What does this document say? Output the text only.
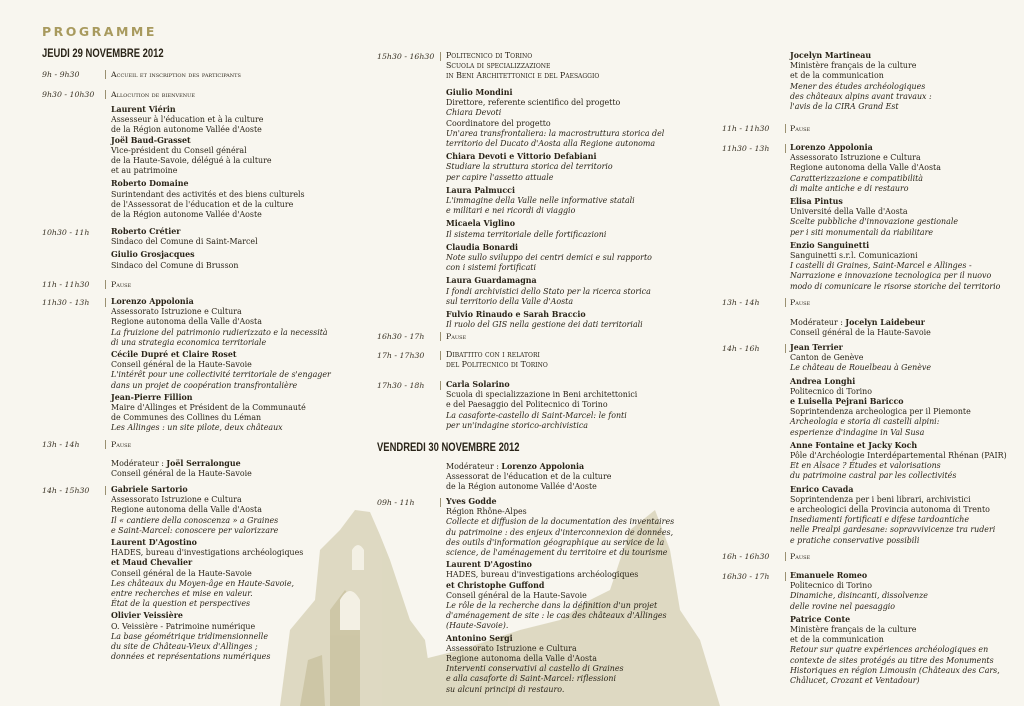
PROGRAMME
JEUDI 29 NOVEMBRE 2012
9h - 9h30	Accueil et inscription des participants
9h30 - 10h30 Allocution de bienvenue
Laurent Viérin
Assesseur à l'éducation et à la culture
de la Région autonome Vallée d'Aoste
Joël Baud-Grasset
Vice-président du Conseil général
de la Haute-Savoie, délégué à la culture
et au patrimoine
Roberto Domaine
Surintendant des activités et des biens culturels
de l'Assessorat de l'éducation et de la culture
de la Région autonome Vallée d'Aoste
10h30 - 11h	Roberto Crétier
Sindaco del Comune di Saint-Marcel
Giulio Grosjacques
Sindaco del Comune di Brusson
11h - 11h30	Pause
11h30 - 13h	Lorenzo Appolonia
Assessorato Istruzione e Cultura
Regione autonoma della Valle d'Aosta
La fruizione del patrimonio rudierizzato e la necessità
di una strategia economica territoriale
Cécile Dupré et Claire Roset
Conseil général de la Haute-Savoie
L'intérêt pour une collectivité territoriale de s'engager
dans un projet de coopération transfrontalière
Jean-Pierre Fillion
Maire d'Allinges et Président de la Communauté
de Communes des Collines du Léman
Les Allinges : un site pilote, deux châteaux
13h - 14h	Pause
Modérateur : Joël Serralongue
Conseil général de la Haute-Savoie
14h - 15h30	Gabriele Sartorio
Assessorato Istruzione e Cultura
Regione autonoma della Valle d'Aosta
Il « cantiere della conoscenza » a Graines
e Saint-Marcel: conoscere per valorizzare
Laurent D'Agostino
HADES, bureau d'investigations archéologiques
et Maud Chevalier
Conseil général de la Haute-Savoie
Les châteaux du Moyen-âge en Haute-Savoie,
entre recherches et mise en valeur.
État de la question et perspectives
Olivier Veissière
O. Veissière - Patrimoine numérique
La base géométrique tridimensionnelle
du site de Château-Vieux d'Allinges ;
données et représentations numériques
15h30 - 16h30 Politecnico di Torino
Scuola di specializzazione
in Beni Architettonici e del Paesaggio
Giulio Mondini
Direttore, referente scientifico del progetto
Chiara Devoti
Coordinatore del progetto
Un'area transfrontaliera: la macrostruttura storica del
territorio del Ducato d'Aosta alla Regione autonoma
Chiara Devoti e Vittorio Defabiani
Studiare la struttura storica del territorio
per capire l'assetto attuale
Laura Palmucci
L'immagine della Valle nelle informative statali
e militari e nei ricordi di viaggio
Micaela Viglino
Il sistema territoriale delle fortificazioni
Claudia Bonardi
Note sullo sviluppo dei centri demici e sul rapporto
con i sistemi fortificati
Laura Guardamagna
I fondi archivistici dello Stato per la ricerca storica
sul territorio della Valle d'Aosta
Fulvio Rinaudo e Sarah Braccio
Il ruolo del GIS nella gestione dei dati territoriali
16h30 - 17h	Pause
17h - 17h30	Dibattito con i relatori
del Politecnico di Torino
17h30 - 18h	Carla Solarino
Scuola di specializzazione in Beni architettonici
e del Paesaggio del Politecnico di Torino
La casaforte-castello di Saint-Marcel: le fonti
per un'indagine storico-archivistica
VENDREDI 30 NOVEMBRE 2012
Modérateur : Lorenzo Appolonia
Assessorat de l'éducation et de la culture
de la Région autonome Vallée d'Aoste
09h - 11h	Yves Godde
Région Rhône-Alpes
Collecte et diffusion de la documentation des inventaires
du patrimoine : des enjeux d'interconnexion de données,
des outils d'information géographique au service de la
science, de l'aménagement du territoire et du tourisme
Laurent D'Agostino
HADES, bureau d'investigations archéologiques
et Christophe Guffond
Conseil général de la Haute-Savoie
Le rôle de la recherche dans la définition d'un projet
d'aménagement de site : le cas des châteaux d'Allinges
(Haute-Savoie).
Antonino Sergi
Assessorato Istruzione e Cultura
Regione autonoma della Valle d'Aosta
Interventi conservativi al castello di Graines
e alla casaforte di Saint-Marcel: riflessioni
su alcuni principi di restauro.
Jocelyn Martineau
Ministère français de la culture
et de la communication
Mener des études archéologiques
des châteaux alpins avant travaux :
l'avis de la CIRA Grand Est
11h - 11h30	Pause
11h30 - 13h	Lorenzo Appolonia
Assessorato Istruzione e Cultura
Regione autonoma della Valle d'Aosta
Caratterizzazione e compatibilità
di malte antiche e di restauro
Elisa Pintus
Université della Valle d'Aosta
Scelte pubbliche d'innovazione gestionale
per i siti monumentali da riabilitare
Enzio Sanguinetti
Sanguinetti s.r.l. Comunicazioni
I castelli di Graines, Saint-Marcel e Allinges -
Narrazione e innovazione tecnologica per il nuovo
modo di comunicare le risorse storiche del territorio
13h - 14h	Pause
Modérateur : Jocelyn Laidebeur
Conseil général de la Haute-Savoie
14h - 16h	Jean Terrier
Canton de Genève
Le château de Rouelbeau à Genève
Andrea Longhi
Politecnico di Torino
e Luisella Pejrani Baricco
Soprintendenza archeologica per il Piemonte
Archeologia e storia di castelli alpini:
esperienze d'indagine in Val Susa
Anne Fontaine et Jacky Koch
Pôle d'Archéologie Interdépartemental Rhénan (PAIR)
Et en Alsace ? Études et valorisations
du patrimoine castral par les collectivités
Enrico Cavada
Soprintendenza per i beni librari, archivistici
e archeologici della Provincia autonoma di Trento
Insediamenti fortificati e difese tardoantiche
nelle Prealpi gardesane: sopravvivicenze tra ruderi
e pratiche conservative possibili
16h - 16h30	Pause
16h30 - 17h	Emanuele Romeo
Politecnico di Torino
Dinamiche, disincanti, dissolvenze
delle rovine nel paesaggio
Patrice Conte
Ministère français de la culture
et de la communication
Retour sur quatre expériences archéologiques en
contexte de sites protégés au titre des Monuments
Historiques en région Limousin (Châteaux des Cars,
Châlucet, Crozant et Ventadour)
